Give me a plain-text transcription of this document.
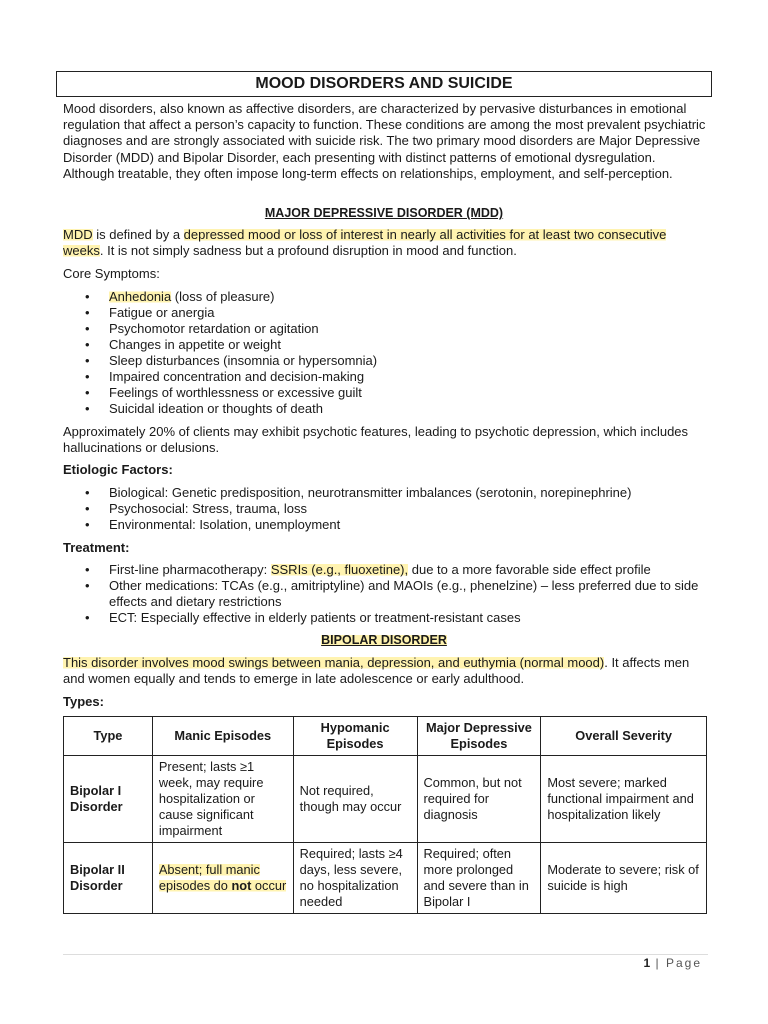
MOOD DISORDERS AND SUICIDE
Mood disorders, also known as affective disorders, are characterized by pervasive disturbances in emotional regulation that affect a person’s capacity to function. These conditions are among the most prevalent psychiatric diagnoses and are strongly associated with suicide risk. The two primary mood disorders are Major Depressive Disorder (MDD) and Bipolar Disorder, each presenting with distinct patterns of emotional dysregulation. Although treatable, they often impose long-term effects on relationships, employment, and self-perception.
MAJOR DEPRESSIVE DISORDER (MDD)
MDD is defined by a depressed mood or loss of interest in nearly all activities for at least two consecutive weeks. It is not simply sadness but a profound disruption in mood and function.
Core Symptoms:
• Anhedonia (loss of pleasure)
• Fatigue or anergia
• Psychomotor retardation or agitation
• Changes in appetite or weight
• Sleep disturbances (insomnia or hypersomnia)
• Impaired concentration and decision-making
• Feelings of worthlessness or excessive guilt
• Suicidal ideation or thoughts of death
Approximately 20% of clients may exhibit psychotic features, leading to psychotic depression, which includes hallucinations or delusions.
Etiologic Factors:
• Biological: Genetic predisposition, neurotransmitter imbalances (serotonin, norepinephrine)
• Psychosocial: Stress, trauma, loss
• Environmental: Isolation, unemployment
Treatment:
• First-line pharmacotherapy: SSRIs (e.g., fluoxetine), due to a more favorable side effect profile
• Other medications: TCAs (e.g., amitriptyline) and MAOIs (e.g., phenelzine) – less preferred due to side effects and dietary restrictions
• ECT: Especially effective in elderly patients or treatment-resistant cases
BIPOLAR DISORDER
This disorder involves mood swings between mania, depression, and euthymia (normal mood). It affects men and women equally and tends to emerge in late adolescence or early adulthood.
Types:
Type	Manic Episodes	Hypomanic Episodes	Major Depressive Episodes	Overall Severity
Bipolar I Disorder	Present; lasts ≥1 week, may require hospitalization or cause significant impairment	Not required, though may occur	Common, but not required for diagnosis	Most severe; marked functional impairment and hospitalization likely
Bipolar II Disorder	Absent; full manic episodes do not occur	Required; lasts ≥4 days, less severe, no hospitalization needed	Required; often more prolonged and severe than in Bipolar I	Moderate to severe; risk of suicide is high
1 | Page
